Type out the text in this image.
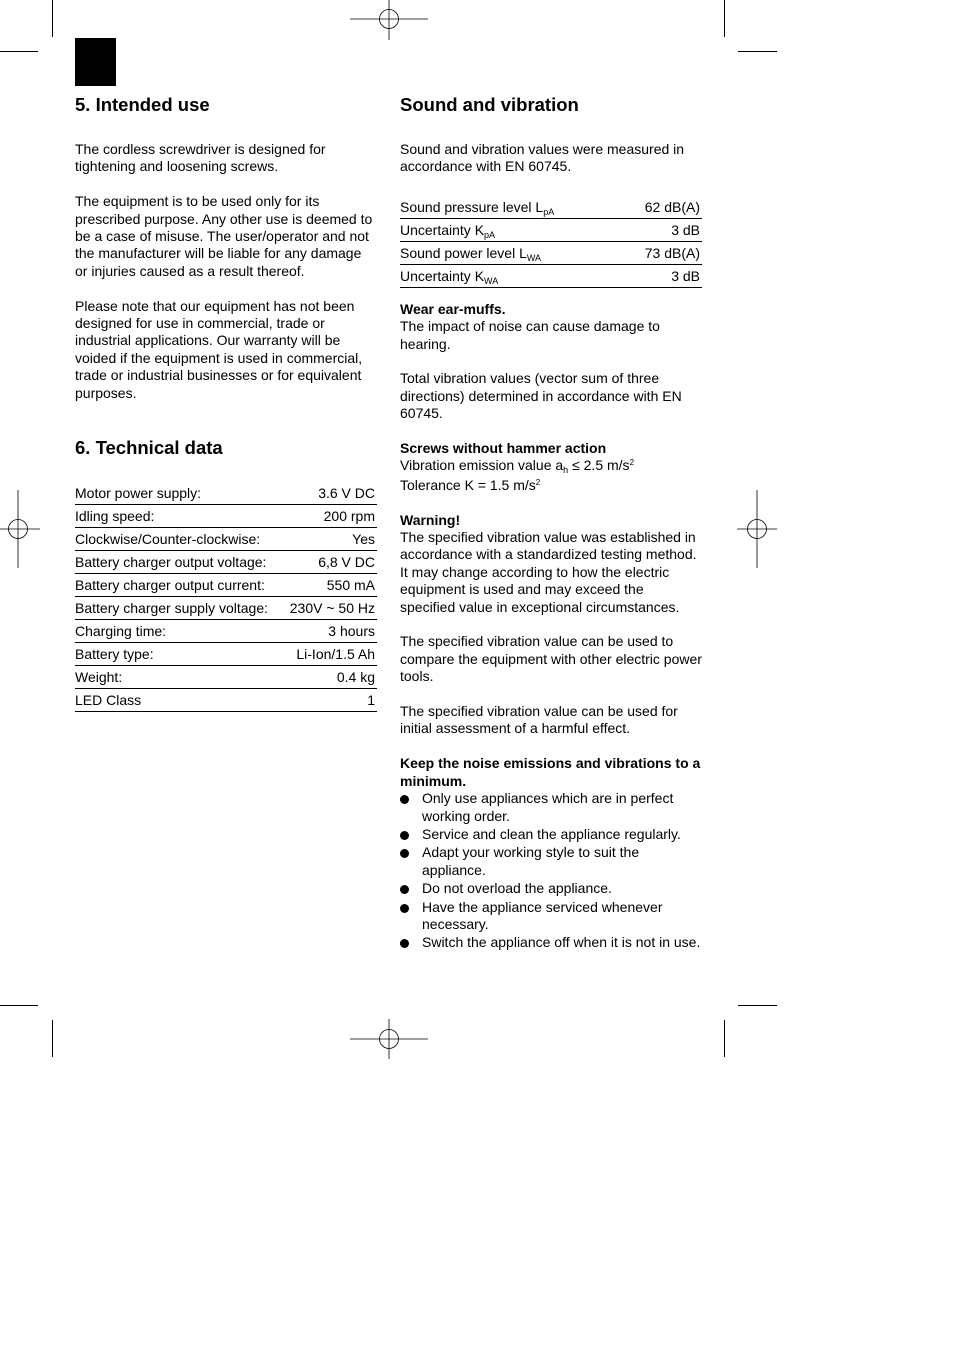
5. Intended use

The cordless screwdriver is designed for tightening and loosening screws.

The equipment is to be used only for its prescribed purpose. Any other use is deemed to be a case of misuse. The user/operator and not the manufacturer will be liable for any damage or injuries caused as a result thereof.

Please note that our equipment has not been designed for use in commercial, trade or industrial applications. Our warranty will be voided if the equipment is used in commercial, trade or industrial businesses or for equivalent purposes.

6. Technical data
Motor power supply:	3.6 V DC
Idling speed:	200 rpm
Clockwise/Counter-clockwise:	Yes
Battery charger output voltage:	6,8 V DC
Battery charger output current:	550 mA
Battery charger supply voltage:	230V ~ 50 Hz
Charging time:	3 hours
Battery type:	Li-Ion/1.5 Ah
Weight:	0.4 kg
LED Class	1
Sound and vibration

Sound and vibration values were measured in accordance with EN 60745.

Sound pressure level $L_{pA}$	62 dB(A)
Uncertainty $K_{pA}$	3 dB
Sound power level $L_{WA}$	73 dB(A)
Uncertainty $K_{WA}$	3 dB

Wear ear-muffs.

The impact of noise can cause damage to hearing.

Total vibration values (vector sum of three directions) determined in accordance with EN 60745.

Screws without hammer action

Vibration emission value $a_h \le 2.5$ $m/s^2$

Tolerance K = 1.5 $m/s^2$

Warning!

The specified vibration value was established in accordance with a standardized testing method. It may change according to how the electric equipment is used and may exceed the specified value in exceptional circumstances.

The specified vibration value can be used to compare the equipment with other electric power tools.

The specified vibration value can be used for initial assessment of a harmful effect.

Keep the noise emissions and vibrations to a minimum.

Only use appliances which are in perfect working order.
Service and clean the appliance regularly.
Adapt your working style to suit the appliance.
Do not overload the appliance.
Have the appliance serviced whenever necessary.
Switch the appliance off when it is not in use.
